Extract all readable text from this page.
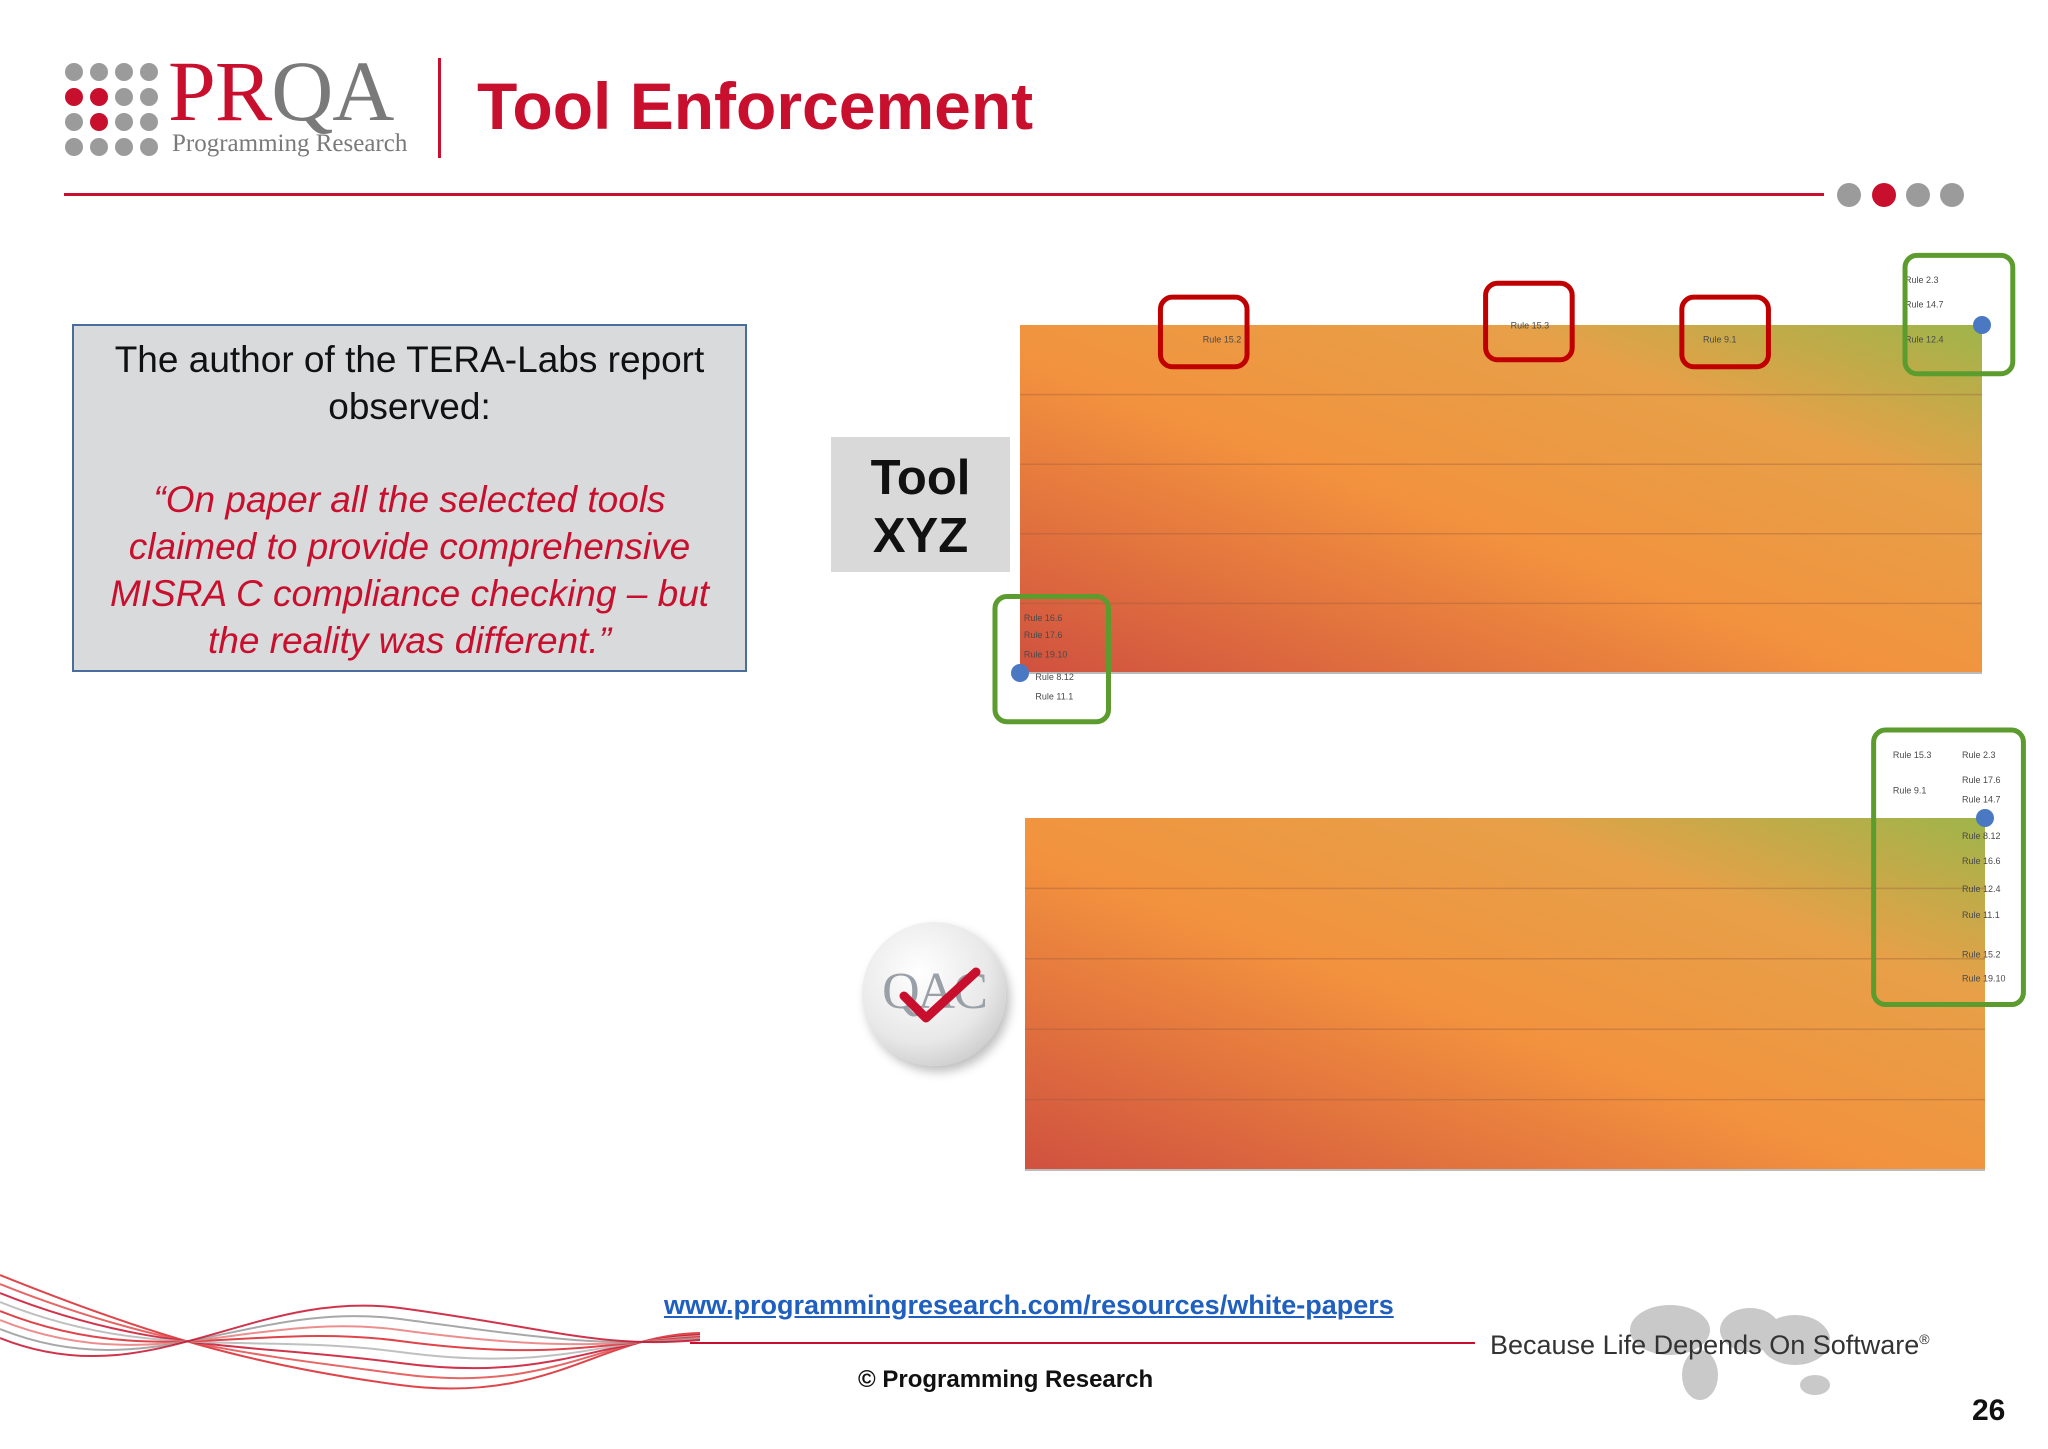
PRQA
Programming Research
Tool Enforcement
The author of the TERA-Labs report observed:
“On paper all the selected tools claimed to provide comprehensive MISRA C compliance checking – but the reality was different.”
Rule 15.2
Rule 15.3
Rule 9.1
Rule 2.3
Rule 14.7
Rule 12.4
Rule 16.6
Rule 17.6
Rule 19.10
Rule 8.12
Rule 11.1
Rule 15.3	Rule 2.3
Rule 9.1
Rule 17.6
Rule 14.7
Rule 8.12
Rule 16.6
Rule 12.4
Rule 11.1
Rule 15.2
Rule 19.10
Tool
XYZ
QAC
www.programmingresearch.com/resources/white-papers
Because Life Depends On Software®
© Programming Research
26
